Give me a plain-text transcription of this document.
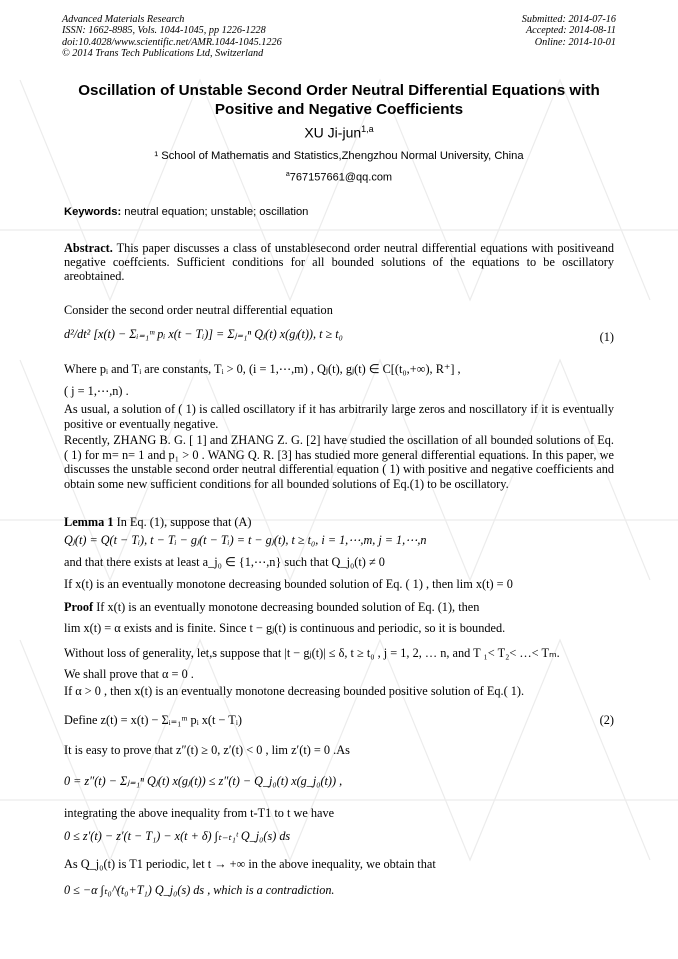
Advanced Materials Research
ISSN: 1662-8985, Vols. 1044-1045, pp 1226-1228
doi:10.4028/www.scientific.net/AMR.1044-1045.1226
© 2014 Trans Tech Publications Ltd, Switzerland
Submitted: 2014-07-16
Accepted: 2014-08-11
Online: 2014-10-01
Oscillation of Unstable Second Order Neutral Differential Equations with
Positive and Negative Coefficients
XU Ji-jun$^{1,a}$
¹ School of Mathematis and Statistics,Zhengzhou Normal University, China
$^a$767157661@qq.com
Keywords: neutral equation; unstable; oscillation
Abstract. This paper discusses a class of unstablesecond order neutral differential equations with positiveand negative coeffcients. Sufficient conditions for all bounded solutions of the equations to be oscillatory areobtained.
Consider the second order neutral differential equation
d²/dt² [x(t) − Σᵢ₌₁ᵐ pᵢ x(t − Tᵢ)] = Σⱼ₌₁ⁿ Qⱼ(t) x(gⱼ(t)), t ≥ t₀	(1)
Where pᵢ and Tᵢ are constants, Tᵢ > 0, (i = 1,⋯,m) , Qⱼ(t), gⱼ(t) ∈ C[(t₀,+∞), R⁺] ,
( j = 1,⋯,n) .
As usual, a solution of ( 1) is called oscillatory if it has arbitrarily large zeros and noscillatory if it is eventually positive or eventually negative.
Recently, ZHANG B. G. [ 1] and ZHANG Z. G. [2] have studied the oscillation of all bounded solutions of Eq.( 1) for m= n= 1 and p₁ > 0 . WANG Q. R. [3] has studied more general differential equations. In this paper, we discusses the unstable second order neutral differential equation ( 1) with positive and negative coefficients and obtain some new sufficient conditions for all bounded solutions of Eq.(1) to be oscillatory.
Lemma 1 In Eq. (1), suppose that (A)
Qⱼ(t) = Q(t − Tᵢ), t − Tᵢ − gⱼ(t − Tᵢ) = t − gⱼ(t), t ≥ t₀, i = 1,⋯,m, j = 1,⋯,n
and that there exists at least a_j₀ ∈ {1,⋯,n} such that Q_j₀(t) ≠ 0
If x(t) is an eventually monotone decreasing bounded solution of Eq. ( 1) , then lim x(t) = 0
Proof If x(t) is an eventually monotone decreasing bounded solution of Eq. (1), then
lim x(t) = α exists and is finite. Since t − gⱼ(t) is continuous and periodic, so it is bounded.
Without loss of generality, let,s suppose that |t − gⱼ(t)| ≤ δ, t ≥ t₀ , j = 1, 2, … n, and T ₁< T₂< …< Tₘ.
We shall prove that α = 0 .
If α > 0 , then x(t) is an eventually monotone decreasing bounded positive solution of Eq.( 1).
Define z(t) = x(t) − Σᵢ₌₁ᵐ pᵢ x(t − Tᵢ)	(2)
It is easy to prove that z″(t) ≥ 0, z′(t) < 0 , lim z′(t) = 0 .As
0 = z″(t) − Σⱼ₌₁ⁿ Qⱼ(t) x(gⱼ(t)) ≤ z″(t) − Q_j₀(t) x(g_j₀(t)) ,
integrating the above inequality from t-T1 to t we have
0 ≤ z′(t) − z′(t − T₁) − x(t + δ) ∫ₜ₋ₜ₁ᵗ Q_j₀(s) ds
As Q_j₀(t) is T1 periodic, let t → +∞ in the above inequality, we obtain that
0 ≤ −α ∫ₜ₀^(t₀+T₁) Q_j₀(s) ds , which is a contradiction.
